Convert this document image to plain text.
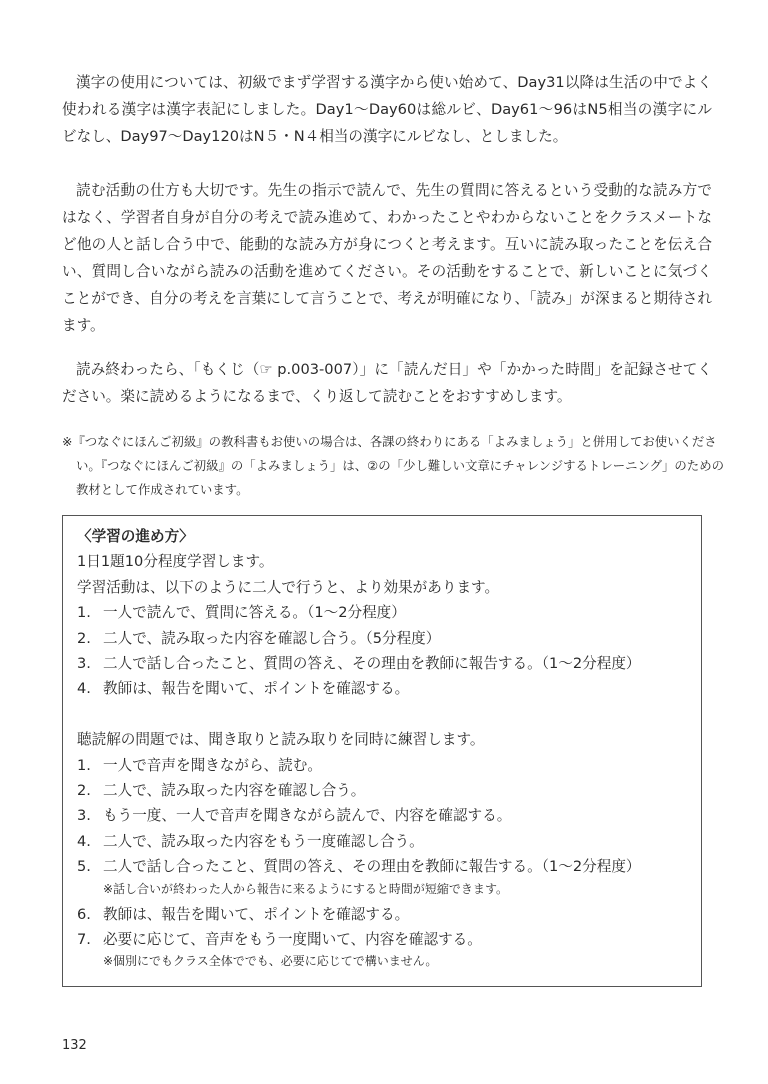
漢字の使用については、初級でまず学習する漢字から使い始めて、Day31以降は生活の中でよく使われる漢字は漢字表記にしました。Day1～Day60は総ルビ、Day61～96はN5相当の漢字にルビなし、Day97～Day120はN５・N４相当の漢字にルビなし、としました。

読む活動の仕方も大切です。先生の指示で読んで、先生の質問に答えるという受動的な読み方ではなく、学習者自身が自分の考えで読み進めて、わかったことやわからないことをクラスメートなど他の人と話し合う中で、能動的な読み方が身につくと考えます。互いに読み取ったことを伝え合い、質問し合いながら読みの活動を進めてください。その活動をすることで、新しいことに気づくことができ、自分の考えを言葉にして言うことで、考えが明確になり、「読み」が深まると期待されます。

読み終わったら、「もくじ（☞ p.003-007）」に「読んだ日」や「かかった時間」を記録させてください。楽に読めるようになるまで、くり返して読むことをおすすめします。

※『つなぐにほんご初級』の教科書もお使いの場合は、各課の終わりにある「よみましょう」と併用してお使いください。『つなぐにほんご初級』の「よみましょう」は、②の「少し難しい文章にチャレンジするトレーニング」のための教材として作成されています。

〈学習の進め方〉
1日1題10分程度学習します。
学習活動は、以下のように二人で行うと、より効果があります。
1. 一人で読んで、質問に答える。（1～2分程度）
2. 二人で、読み取った内容を確認し合う。（5分程度）
3. 二人で話し合ったこと、質問の答え、その理由を教師に報告する。（1～2分程度）
4. 教師は、報告を聞いて、ポイントを確認する。
聴読解の問題では、聞き取りと読み取りを同時に練習します。
1. 一人で音声を聞きながら、読む。
2. 二人で、読み取った内容を確認し合う。
3. もう一度、一人で音声を聞きながら読んで、内容を確認する。
4. 二人で、読み取った内容をもう一度確認し合う。
5. 二人で話し合ったこと、質問の答え、その理由を教師に報告する。（1～2分程度）
※話し合いが終わった人から報告に来るようにすると時間が短縮できます。
6. 教師は、報告を聞いて、ポイントを確認する。
7. 必要に応じて、音声をもう一度聞いて、内容を確認する。
※個別にでもクラス全体ででも、必要に応じてで構いません。
132
